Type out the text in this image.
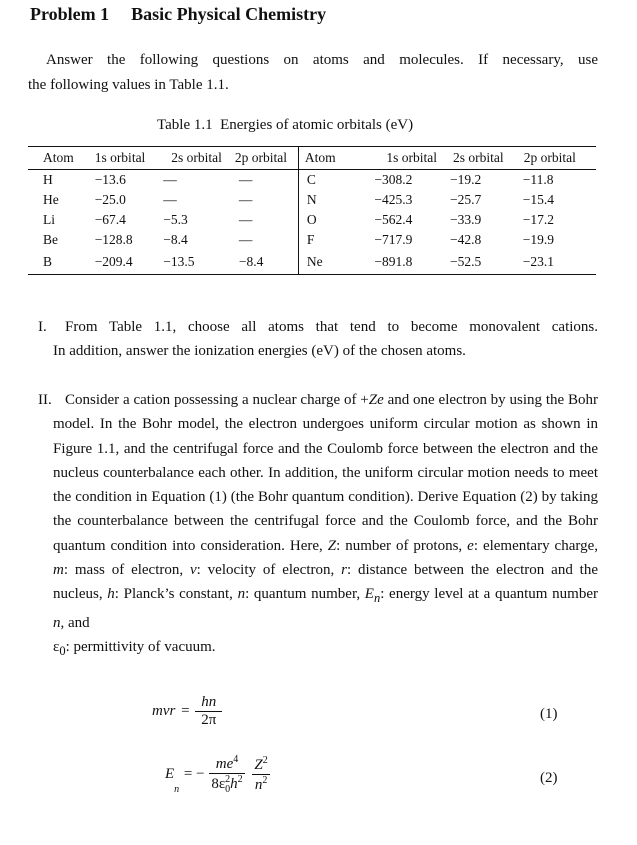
Problem 1 Basic Physical Chemistry
Answer the following questions on atoms and molecules. If necessary, use
the following values in Table 1.1.
Table 1.1  Energies of atomic orbitals (eV)
Atom	1s orbital	2s orbital	2p orbital	Atom	1s orbital	2s orbital	2p orbital
H	−13.6	—	—	C	−308.2	−19.2	−11.8
He	−25.0	—	—	N	−425.3	−25.7	−15.4
Li	−67.4	−5.3	—	O	−562.4	−33.9	−17.2
Be	−128.8	−8.4	—	F	−717.9	−42.8	−19.9
B	−209.4	−13.5	−8.4	Ne	−891.8	−52.5	−23.1
I. From Table 1.1, choose all atoms that tend to become monovalent cations.
In addition, answer the ionization energies (eV) of the chosen atoms.
II. Consider a cation possessing a nuclear charge of +Ze and one electron by using the Bohr model. In the Bohr model, the electron undergoes uniform circular motion as shown in Figure 1.1, and the centrifugal force and the Coulomb force between the electron and the nucleus counterbalance each other. In addition, the uniform circular motion needs to meet the condition in Equation (1) (the Bohr quantum condition). Derive Equation (2) by taking the counterbalance between the centrifugal force and the Coulomb force, and the Bohr quantum condition into consideration. Here, Z: number of protons, e: elementary charge, m: mass of electron, v: velocity of electron, r: distance between the electron and the nucleus, h: Planck’s constant, n: quantum number, $E_n$: energy level at a quantum number n, and
$\varepsilon_0$: permittivity of vacuum.
mvr = $\frac{hn}{2\pi}$	(1)
$E_n$ = − $\frac{me^4}{8\varepsilon_0^2h^2}$
$\frac{Z^2}{n^2}$	(2)
